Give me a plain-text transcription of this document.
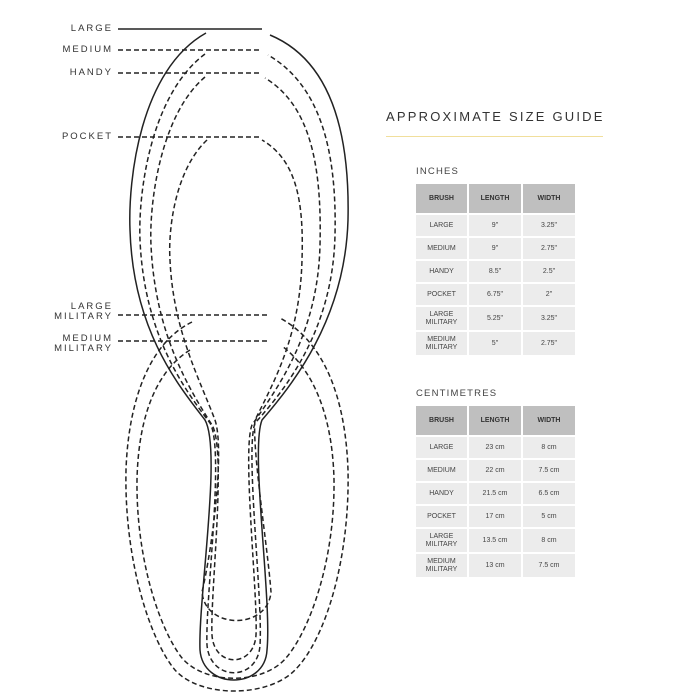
LARGE
MEDIUM
HANDY
POCKET
LARGE
MILITARY
MEDIUM
MILITARY
APPROXIMATE SIZE GUIDE
INCHES
BRUSH	LENGTH	WIDTH

LARGE	9"	3.25"

MEDIUM	9"	2.75"

HANDY	8.5"	2.5"

POCKET	6.75"	2"

LARGE
MILITARY	5.25"	3.25"

MEDIUM
MILITARY	5"	2.75"
CENTIMETRES
BRUSH	LENGTH	WIDTH

LARGE	23 cm	8 cm

MEDIUM	22 cm	7.5 cm

HANDY	21.5 cm	6.5 cm

POCKET	17 cm	5 cm

LARGE
MILITARY	13.5 cm	8 cm

MEDIUM
MILITARY	13 cm	7.5 cm
